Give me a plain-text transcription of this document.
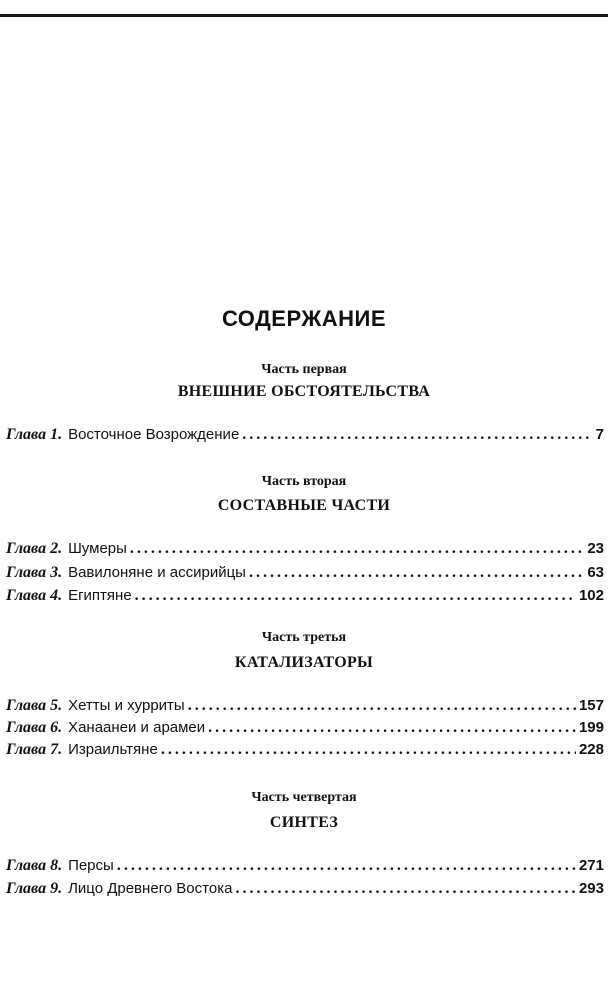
СОДЕРЖАНИЕ
Часть первая
ВНЕШНИЕ ОБСТОЯТЕЛЬСТВА
Глава 1. Восточное Возрождение .....	7
Часть вторая
СОСТАВНЫЕ ЧАСТИ
Глава 2. Шумеры .....	23
Глава 3. Вавилоняне и ассирийцы .....	63
Глава 4. Египтяне .....	102
Часть третья
КАТАЛИЗАТОРЫ
Глава 5. Хетты и хурриты .....	157
Глава 6. Ханаанеи и арамеи .....	199
Глава 7. Израильтяне .....	228
Часть четвертая
СИНТЕЗ
Глава 8. Персы .....	271
Глава 9. Лицо Древнего Востока .....	293
